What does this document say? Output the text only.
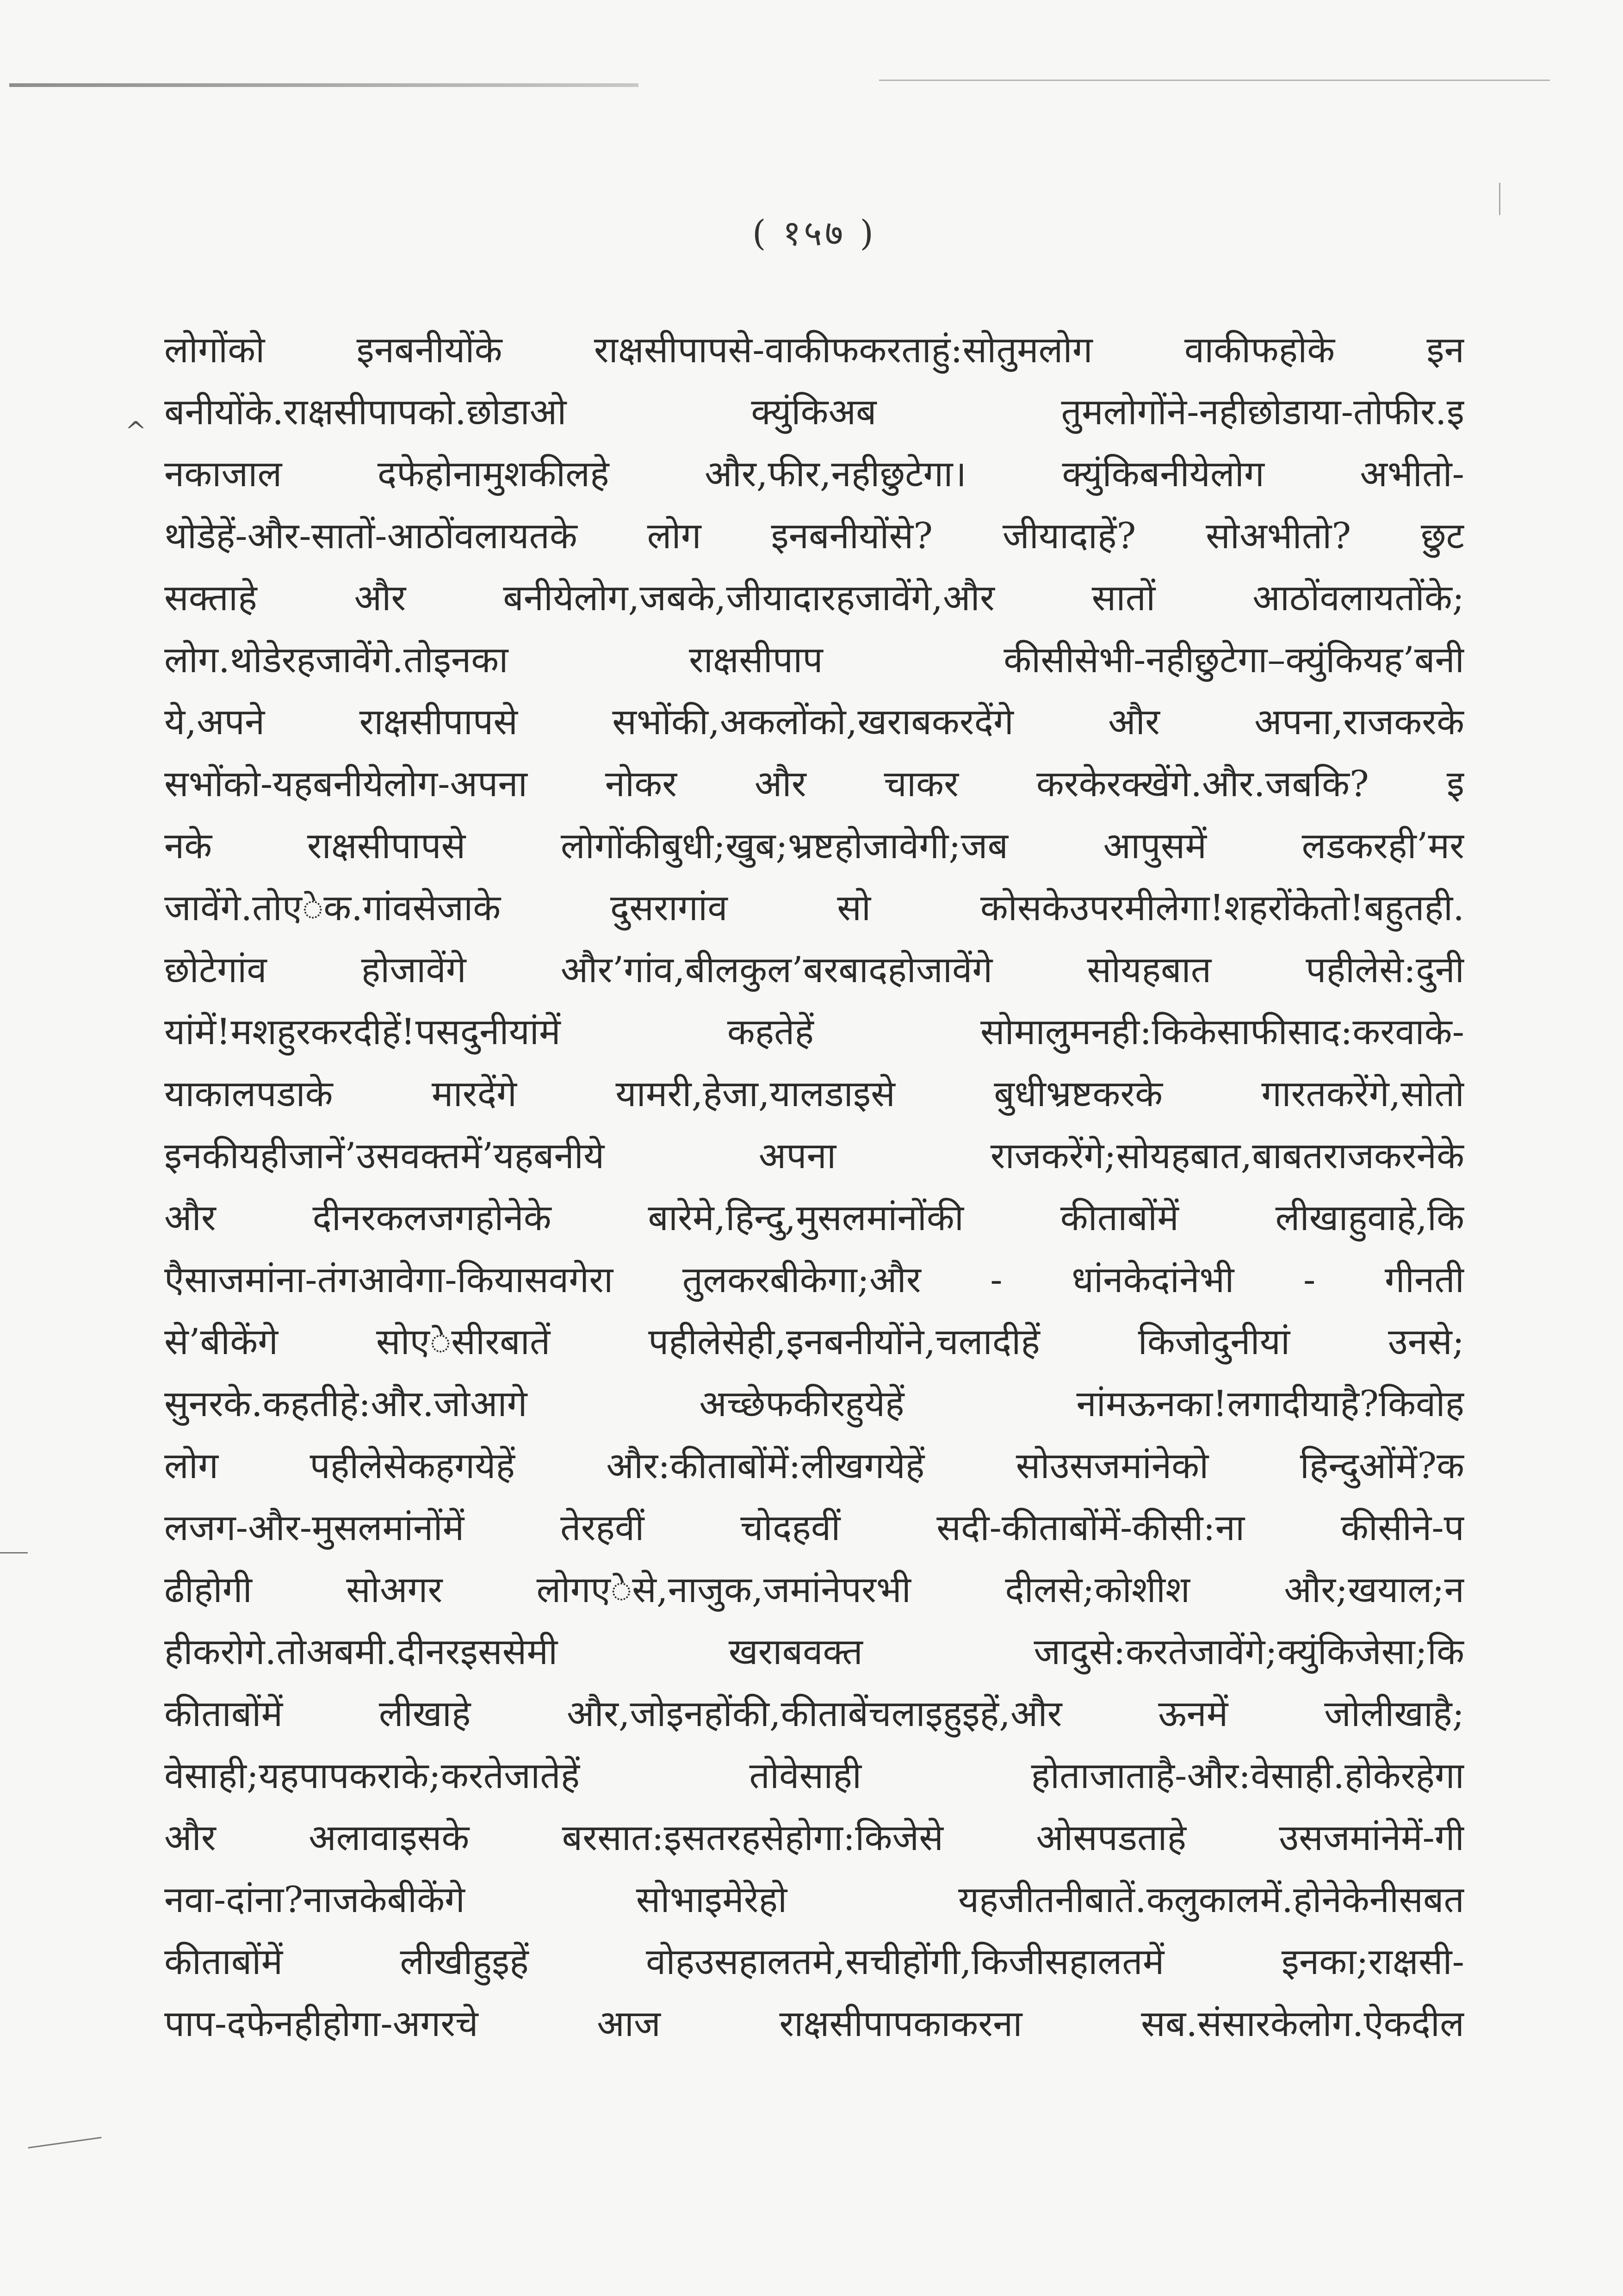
( १५७ )
^
लोगोंको इनबनीयोंके राक्षसीपापसे-वाकीफकरताहुं:सोतुमलोग वाकीफहोके इन
बनीयोंके.राक्षसीपापको.छोडाओ क्युंकिअब तुमलोगोंने-नहीछोडाया-तोफीर.इ
नकाजाल दफेहोनामुशकीलहे और,फीर,नहीछुटेगा। क्युंकिबनीयेलोग अभीतो-
थोडेहें-और-सातों-आठोंवलायतके लोग इनबनीयोंसे? जीयादाहें? सोअभीतो? छुट
सक्ताहे और बनीयेलोग,जबके,जीयादारहजावेंगे,और सातों आठोंवलायतोंके;
लोग.थोडेरहजावेंगे.तोइनका राक्षसीपाप कीसीसेभी-नहीछुटेगा–क्युंकियह’बनी
ये,अपने राक्षसीपापसे सभोंकी,अकलोंको,खराबकरदेंगे और अपना,राजकरके
सभोंको-यहबनीयेलोग-अपना नोकर और चाकर करकेरक्खेंगे.और.जबकि? इ
नके राक्षसीपापसे लोगोंकीबुधी;खुब;भ्रष्टहोजावेगी;जब आपुसमें लडकरही’मर
जावेंगे.तोएेक.गांवसेजाके दुसरागांव सो कोसकेउपरमीलेगा!शहरोंकेतो!बहुतही.
छोटेगांव होजावेंगे और’गांव,बीलकुल’बरबादहोजावेंगे सोयहबात पहीलेसे:दुनी
यांमें!मशहुरकरदीहें!पसदुनीयांमें कहतेहें सोमालुमनही:किकेसाफीसाद:करवाके-
याकालपडाके मारदेंगे यामरी,हेजा,यालडाइसे बुधीभ्रष्टकरके गारतकरेंगे,सोतो
इनकीयहीजानें’उसवक्तमें’यहबनीये अपना राजकरेंगे;सोयहबात,बाबतराजकरनेके
और दीनरकलजगहोनेके बारेमे,हिन्दु,मुसलमांनोंकी कीताबोंमें लीखाहुवाहे,कि
एैसाजमांना-तंगआवेगा-कियासवगेरा तुलकरबीकेगा;और - धांनकेदांनेभी - गीनती
से’बीकेंगे सोएेसीरबातें पहीलेसेही,इनबनीयोंने,चलादीहें किजोदुनीयां उनसे;
सुनरके.कहतीहे:और.जोआगे अच्छेफकीरहुयेहें नांमऊनका!लगादीयाहै?किवोह
लोग पहीलेसेकहगयेहें और:कीताबोंमें:लीखगयेहें सोउसजमांनेको हिन्दुओंमें?क
लजग-और-मुसलमांनोंमें तेरहवीं चोदहवीं सदी-कीताबोंमें-कीसी:ना कीसीने-प
ढीहोगी सोअगर लोगएेसे,नाजुक,जमांनेपरभी दीलसे;कोशीश और;खयाल;न
हीकरोगे.तोअबमी.दीनरइससेमी खराबवक्त जादुसे:करतेजावेंगे;क्युंकिजेसा;कि
कीताबोंमें लीखाहे और,जोइनहोंकी,कीताबेंचलाइहुइहें,और ऊनमें जोलीखाहै;
वेसाही;यहपापकराके;करतेजातेहें तोवेसाही होताजाताहै-और:वेसाही.होकेरहेगा
और अलावाइसके बरसात:इसतरहसेहोगा:किजेसे ओसपडताहे उसजमांनेमें-गी
नवा-दांना?नाजकेबीकेंगे सोभाइमेरेहो यहजीतनीबातें.कलुकालमें.होनेकेनीसबत
कीताबोंमें लीखीहुइहें वोहउसहालतमे,सचीहोंगी,किजीसहालतमें इनका;राक्षसी-
पाप-दफेनहीहोगा-अगरचे आज राक्षसीपापकाकरना सब.संसारकेलोग.ऐकदील
